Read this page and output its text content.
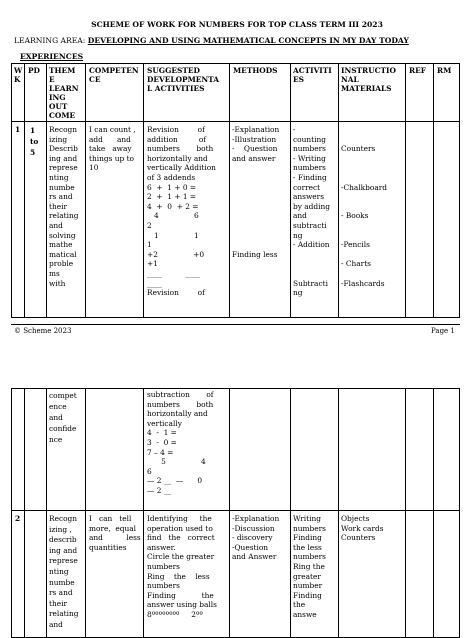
SCHEME OF WORK FOR NUMBERS FOR TOP CLASS TERM III 2023
LEARNING AREA: DEVELOPING AND USING MATHEMATICAL CONCEPTS IN MY DAY TODAY
EXPERIENCES
W
K
PD THEM
E
LEARN
ING
OUT
COME
COMPETEN
CE
SUGGESTED
DEVELOPMENTA
L ACTIVITIES
METHODS ACTIVITI
ES
INSTRUCTIO
NAL
MATERIALS
REF RM
1 1
to
5
Recogn
izing
Describ
ing and
represe
nting
numbe
rs and
their
relating
and
solving
mathe
matical
proble
ms
with
I can count ,
add      and
take   away
things up to
10
Revision        of
addition         of
numbers       both
horizontally and
vertically Addition
of 3 addends
6  +  1 + 0 =
2  +  1 + 1 =
4  +  0  + 2 =
4               6
2
1               1
1
+2               +0
+1
____          ____
____
Revision        of
-Explanation
-Illustration
-    Question
and answer

Finding less
-
counting
numbers
- Writing
numbers
- Finding
correct
answers
by adding
and
subtracti
ng
- Addition

Subtracti
ng

Counters

-Chalkboard

- Books

-Pencils

- Charts

-Flashcards
© Scheme 2023	Page 1
compet
ence
and
confide
nce
subtraction       of
numbers       both
horizontally and
vertically
4  -  1 =
3  -  0 =
7 – 4 =
5               4
6
— 2 __  —      0
— 2 __
2	Recogn
izing ,
describ
ing and
represe
nting
numbe
rs and
their
relating
and
I   can   tell
more,  equal
and          less
quantities
Identifying     the
operation used to
find   the   correct
answer.
Circle the greater
numbers
Ring    the    less
numbers
Finding           the
answer using balls
8ºººººººº     2ºº
-Explanation
-Discussion
- discovery
-Question
and Answer
Writing
numbers
Finding
the less
numbers
Ring the
greater
number
Finding
the
answe
Objects
Work cards
Counters
